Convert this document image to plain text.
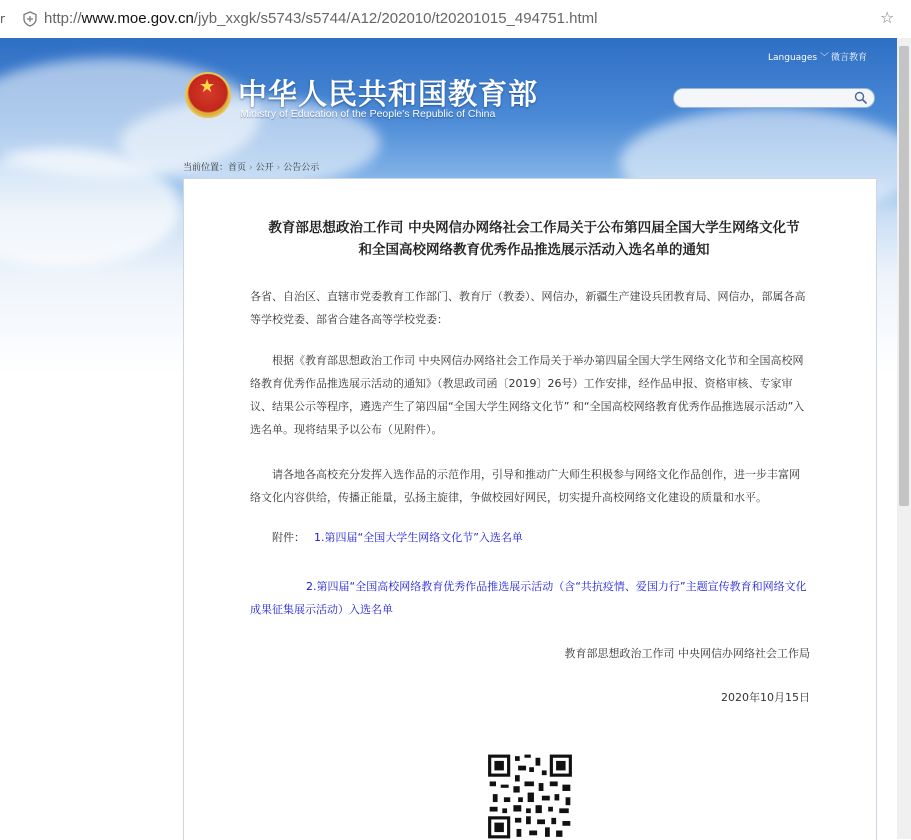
r	http://www.moe.gov.cn/jyb_xxgk/s5743/s5744/A12/202010/t20201015_494751.html	☆
★ 中华人民共和国教育部
Ministry of Education of the People's Republic of China
Languages ﹀ 微言教育
当前位置：首页 › 公开 › 公告公示
教育部思想政治工作司 中央网信办网络社会工作局关于公布第四届全国大学生网络文化节
和全国高校网络教育优秀作品推选展示活动入选名单的通知
各省、自治区、直辖市党委教育工作部门、教育厅（教委）、网信办，新疆生产建设兵团教育局、网信办，部属各高等学校党委、部省合建各高等学校党委：
根据《教育部思想政治工作司 中央网信办网络社会工作局关于举办第四届全国大学生网络文化节和全国高校网络教育优秀作品推选展示活动的通知》（教思政司函〔2019〕26号）工作安排，经作品申报、资格审核、专家审议、结果公示等程序，遴选产生了第四届“全国大学生网络文化节” 和“全国高校网络教育优秀作品推选展示活动”入选名单。现将结果予以公布（见附件）。
请各地各高校充分发挥入选作品的示范作用，引导和推动广大师生积极参与网络文化作品创作，进一步丰富网络文化内容供给，传播正能量，弘扬主旋律，争做校园好网民，切实提升高校网络文化建设的质量和水平。
附件： 1.第四届“全国大学生网络文化节”入选名单
2.第四届“全国高校网络教育优秀作品推选展示活动（含“共抗疫情、爱国力行”主题宣传教育和网络文化成果征集展示活动）入选名单
教育部思想政治工作司 中央网信办网络社会工作局
2020年10月15日
